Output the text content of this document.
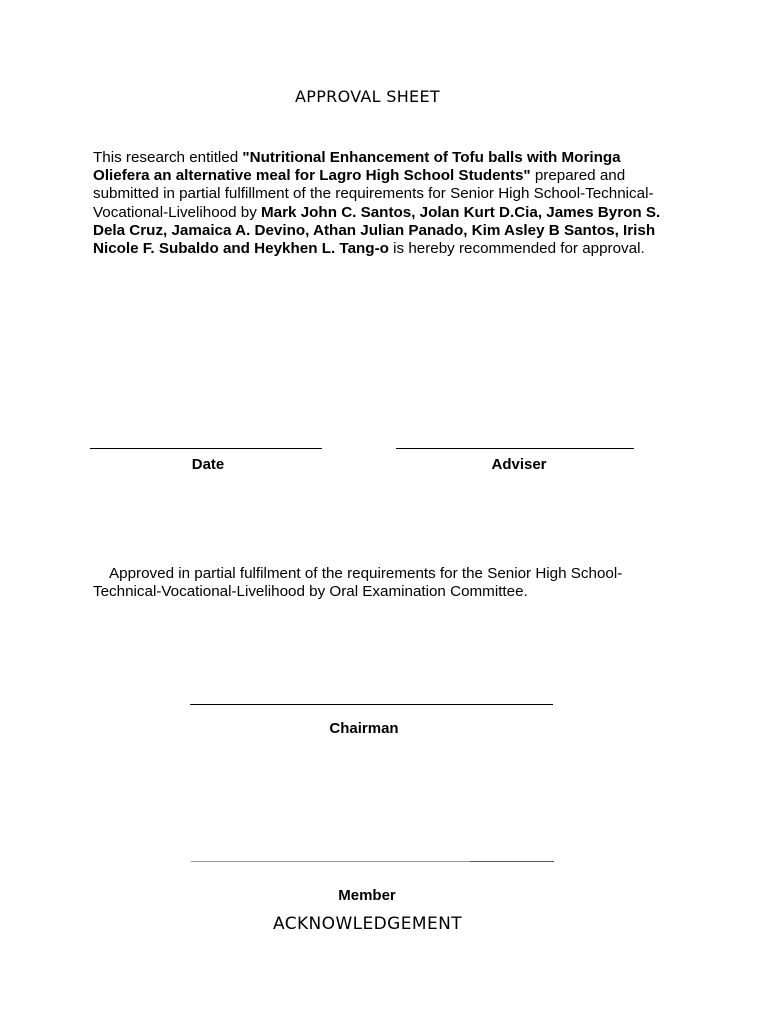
APPROVAL SHEET
This research entitled "Nutritional Enhancement of Tofu balls with Moringa Oliefera an alternative meal for Lagro High School Students" prepared and submitted in partial fulfillment of the requirements for Senior High School-Technical-Vocational-Livelihood by Mark John C. Santos, Jolan Kurt D.Cia, James Byron S. Dela Cruz, Jamaica A. Devino, Athan Julian Panado, Kim Asley B Santos, Irish Nicole F. Subaldo and Heykhen L. Tang-o is hereby recommended for approval.
Date	Adviser
Approved in partial fulfilment of the requirements for the Senior High School-Technical-Vocational-Livelihood by Oral Examination Committee.
Chairman
Member
ACKNOWLEDGEMENT
